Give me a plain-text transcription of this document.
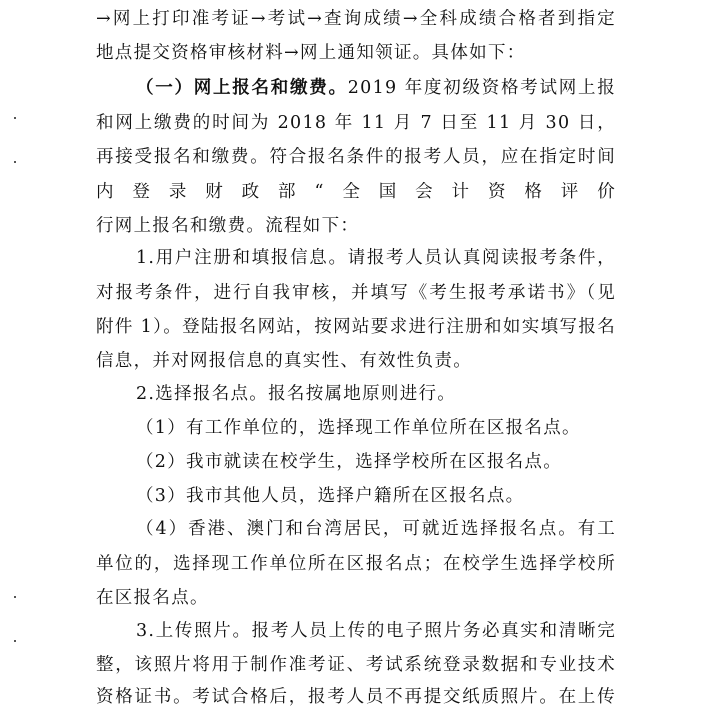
→网上打印准考证→考试→查询成绩→全科成绩合格者到指定
地点提交资格审核材料→网上通知领证。具体如下：
（一）网上报名和缴费。2019 年度初级资格考试网上报
和网上缴费的时间为 2018 年 11 月 7 日至 11 月 30 日，
再接受报名和缴费。符合报名条件的报考人员，应在指定时间
内登录财政部“全国会计资格评价
行网上报名和缴费。流程如下：
1.用户注册和填报信息。请报考人员认真阅读报考条件，
对报考条件，进行自我审核，并填写《考生报考承诺书》（见
附件 1）。登陆报名网站，按网站要求进行注册和如实填写报名
信息，并对网报信息的真实性、有效性负责。
2.选择报名点。报名按属地原则进行。
（1）有工作单位的，选择现工作单位所在区报名点。
（2）我市就读在校学生，选择学校所在区报名点。
（3）我市其他人员，选择户籍所在区报名点。
（4）香港、澳门和台湾居民，可就近选择报名点。有工
单位的，选择现工作单位所在区报名点；在校学生选择学校所
在区报名点。
3.上传照片。报考人员上传的电子照片务必真实和清晰完
整，该照片将用于制作准考证、考试系统登录数据和专业技术
资格证书。考试合格后，报考人员不再提交纸质照片。在上传
